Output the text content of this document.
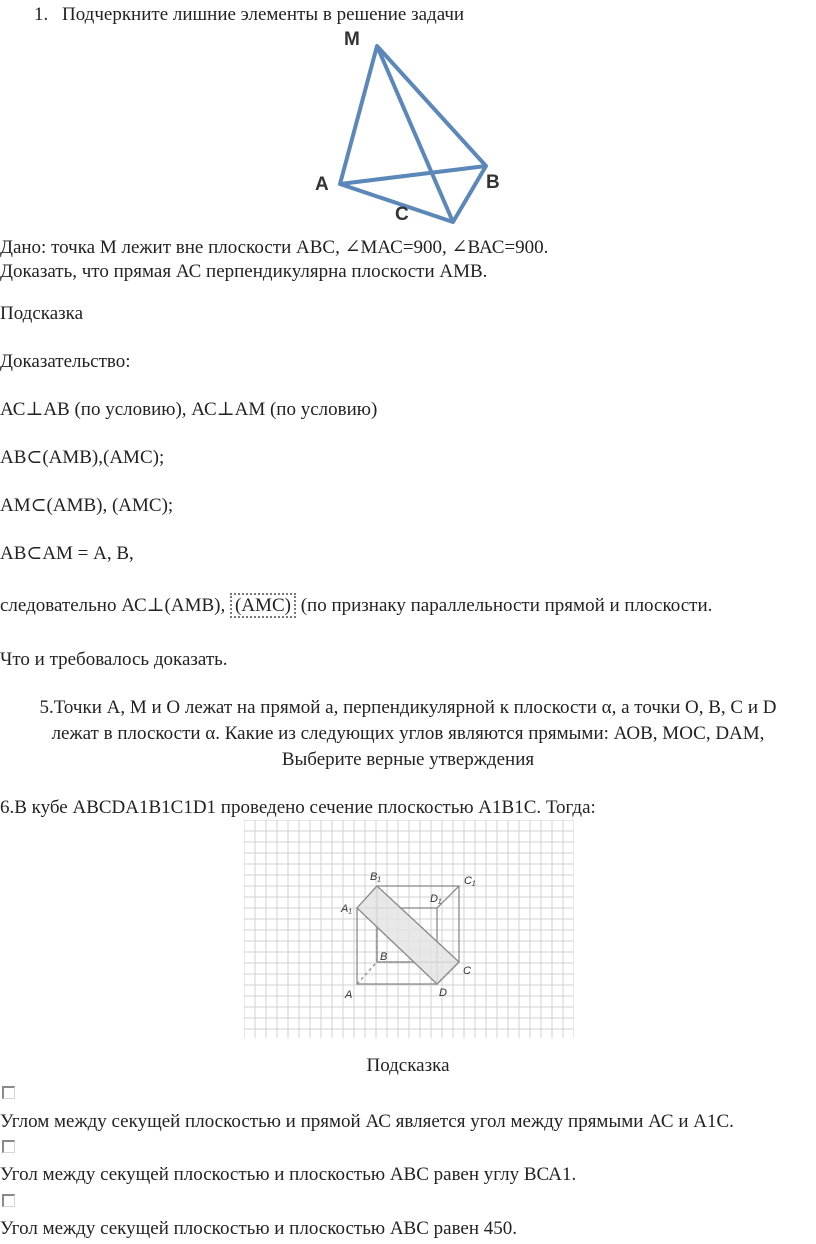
1. Подчеркните лишние элементы в решение задачи
M
A	B
C
Дано: точка М лежит вне плоскости АВС, ∠МАС=900, ∠ВАС=900.
Доказать, что прямая АС перпендикулярна плоскости АМВ.
Подсказка
Доказательство:
АС⊥АВ (по условию), АС⊥АМ (по условию)
АВ⊂(АМВ),(АМС);
АМ⊂(АМВ), (АМС);
АВ⊂АМ = А, В,
следовательно АС⊥(АМВ), (АМС) (по признаку параллельности прямой и плоскости.
Что и требовалось доказать.
5.Точки А, М и О лежат на прямой а, перпендикулярной к плоскости α, а точки О, В, С и D
лежат в плоскости α. Какие из следующих углов являются прямыми: АОВ, МОС, DAM,
Выберите верные утверждения
6.В кубе ABCDA1B1C1D1 проведено сечение плоскостью A1B1C. Тогда:
B₁	C₁
A₁
D₁
B
C
A	D
Подсказка
Углом между секущей плоскостью и прямой АС является угол между прямыми АС и А1С.
Угол между секущей плоскостью и плоскостью АВС равен углу ВСА1.
Угол между секущей плоскостью и плоскостью АВС равен 450.
